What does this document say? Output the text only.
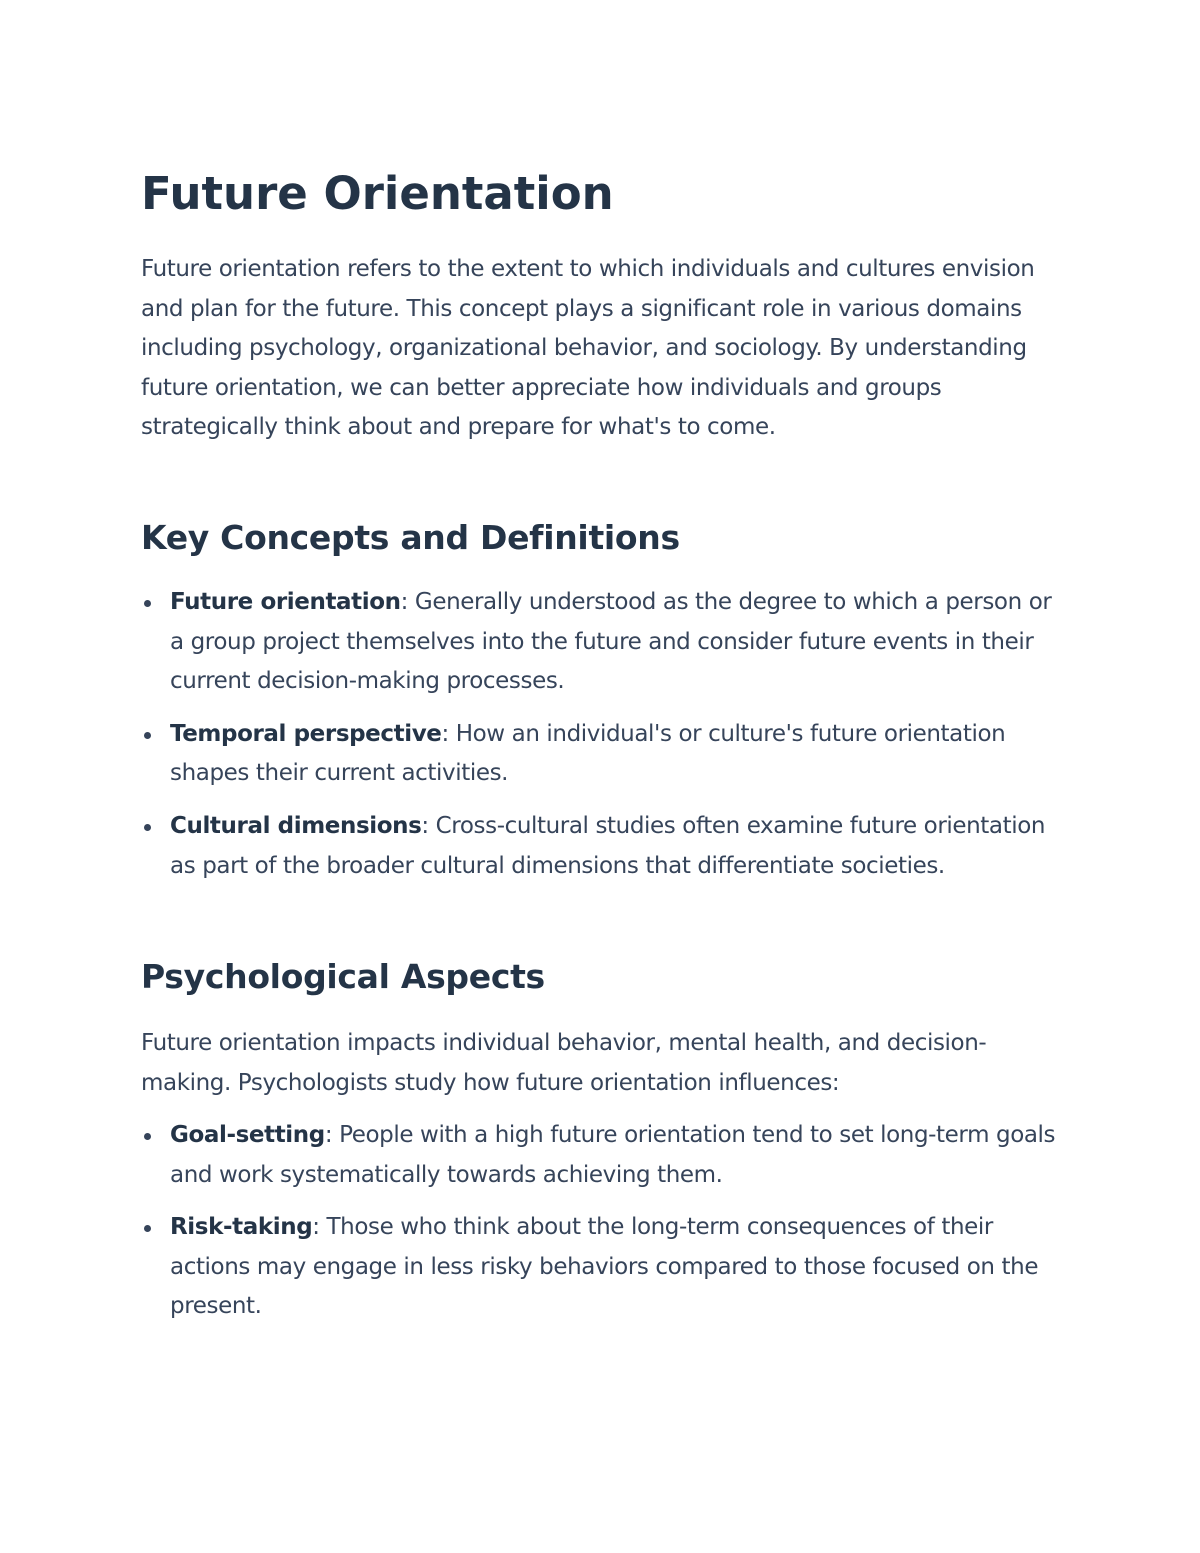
Future Orientation

Future orientation refers to the extent to which individuals and cultures envision and plan for the future. This concept plays a significant role in various domains including psychology, organizational behavior, and sociology. By understanding future orientation, we can better appreciate how individuals and groups strategically think about and prepare for what's to come.

Key Concepts and Definitions
Future orientation: Generally understood as the degree to which a person or a group project themselves into the future and consider future events in their current decision-making processes.
Temporal perspective: How an individual's or culture's future orientation shapes their current activities.
Cultural dimensions: Cross-cultural studies often examine future orientation as part of the broader cultural dimensions that differentiate societies.
Psychological Aspects

Future orientation impacts individual behavior, mental health, and decision-making. Psychologists study how future orientation influences:

Goal-setting: People with a high future orientation tend to set long-term goals and work systematically towards achieving them.
Risk-taking: Those who think about the long-term consequences of their actions may engage in less risky behaviors compared to those focused on the present.
